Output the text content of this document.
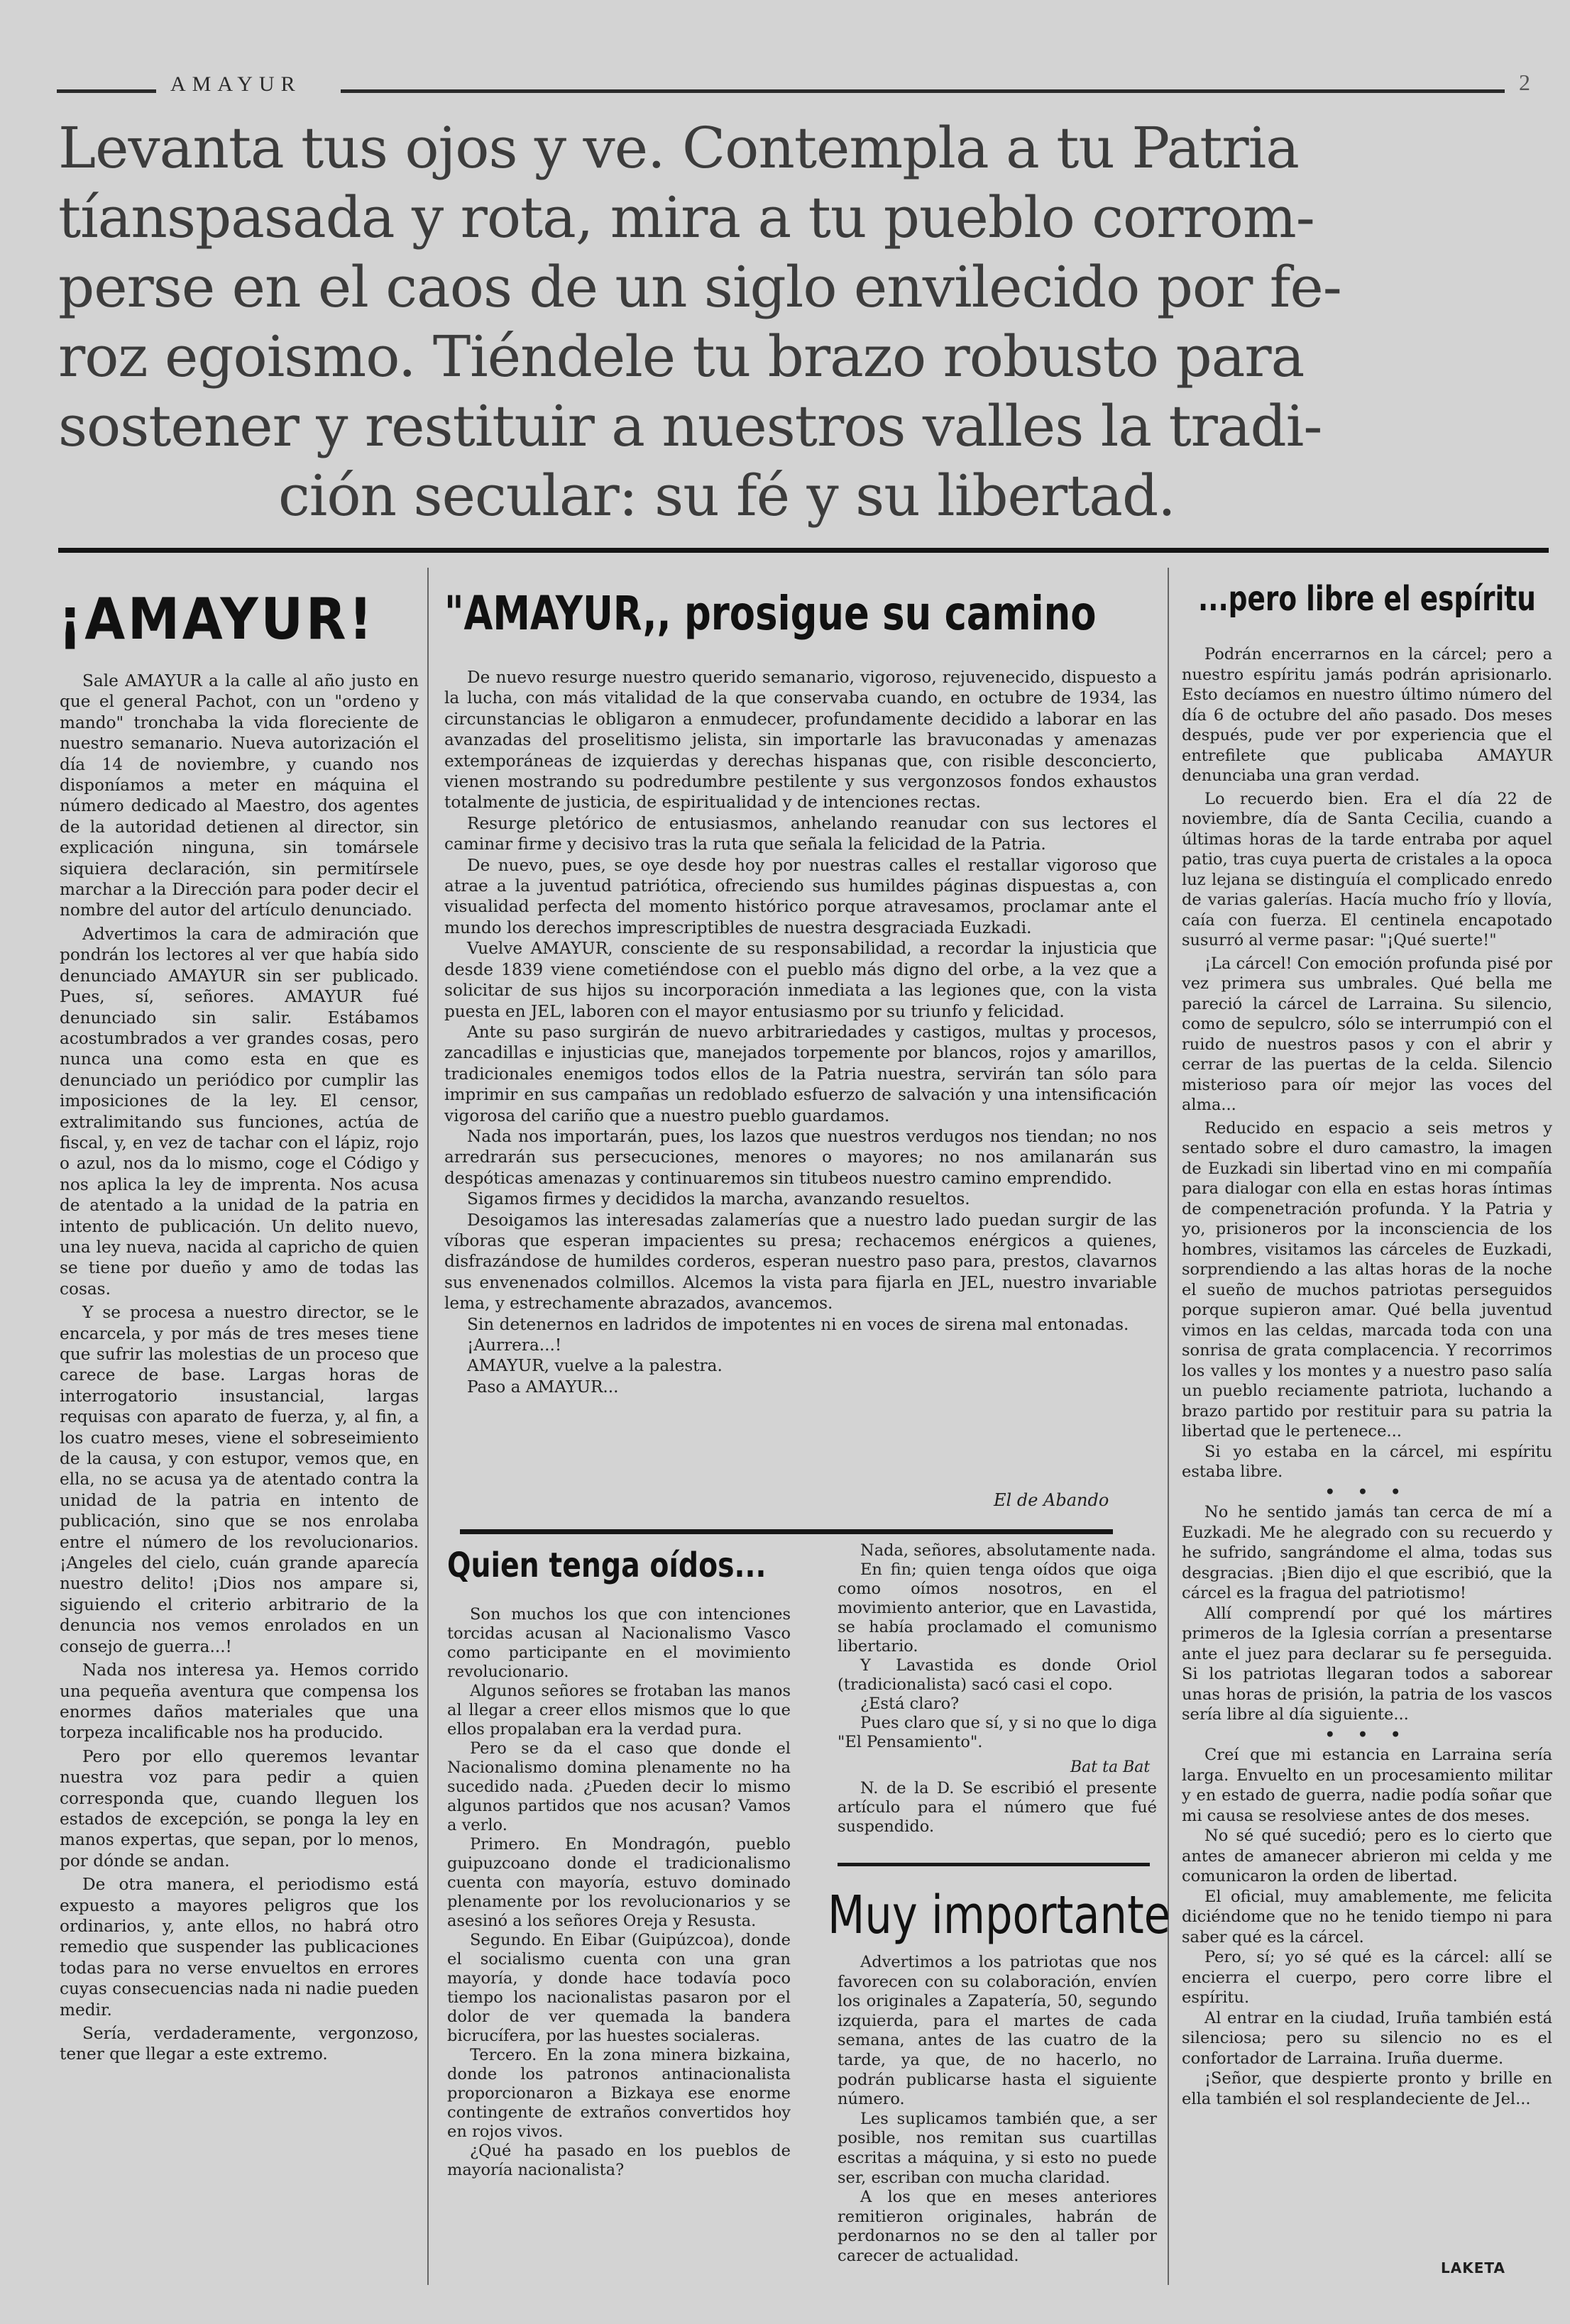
AMAYUR	2
Levanta tus ojos y ve. Contempla a tu Patria
tíanspasada y rota, mira a tu pueblo corrom-
perse en el caos de un siglo envilecido por fe-
roz egoismo. Tiéndele tu brazo robusto para
sostener y restituir a nuestros valles la tradi-
ción secular: su fé y su libertad.
¡AMAYUR!

Sale AMAYUR a la calle al año justo en que el general Pachot, con un "ordeno y mando" tronchaba la vida floreciente de nuestro semanario. Nueva autorización el día 14 de noviembre, y cuando nos disponíamos a meter en máquina el número dedicado al Maestro, dos agentes de la autoridad detienen al director, sin explicación ninguna, sin tomársele siquiera declaración, sin permitírsele marchar a la Dirección para poder decir el nombre del autor del artículo denunciado.

Advertimos la cara de admiración que pondrán los lectores al ver que había sido denunciado AMAYUR sin ser publicado. Pues, sí, señores. AMAYUR fué denunciado sin salir. Estábamos acostumbrados a ver grandes cosas, pero nunca una como esta en que es denunciado un periódico por cumplir las imposiciones de la ley. El censor, extralimitando sus funciones, actúa de fiscal, y, en vez de tachar con el lápiz, rojo o azul, nos da lo mismo, coge el Código y nos aplica la ley de imprenta. Nos acusa de atentado a la unidad de la patria en intento de publicación. Un delito nuevo, una ley nueva, nacida al capricho de quien se tiene por dueño y amo de todas las cosas.

Y se procesa a nuestro director, se le encarcela, y por más de tres meses tiene que sufrir las molestias de un proceso que carece de base. Largas horas de interrogatorio insustancial, largas requisas con aparato de fuerza, y, al fin, a los cuatro meses, viene el sobreseimiento de la causa, y con estupor, vemos que, en ella, no se acusa ya de atentado contra la unidad de la patria en intento de publicación, sino que se nos enrolaba entre el número de los revolucionarios. ¡Angeles del cielo, cuán grande aparecía nuestro delito! ¡Dios nos ampare si, siguiendo el criterio arbitrario de la denuncia nos vemos enrolados en un consejo de guerra...!

Nada nos interesa ya. Hemos corrido una pequeña aventura que compensa los enormes daños materiales que una torpeza incalificable nos ha producido.

Pero por ello queremos levantar nuestra voz para pedir a quien corresponda que, cuando lleguen los estados de excepción, se ponga la ley en manos expertas, que sepan, por lo menos, por dónde se andan.

De otra manera, el periodismo está expuesto a mayores peligros que los ordinarios, y, ante ellos, no habrá otro remedio que suspender las publicaciones todas para no verse envueltos en errores cuyas consecuencias nada ni nadie pueden medir.

Sería, verdaderamente, vergonzoso, tener que llegar a este extremo.

"AMAYUR,, prosigue su camino

De nuevo resurge nuestro querido semanario, vigoroso, rejuvenecido, dispuesto a la lucha, con más vitalidad de la que conservaba cuando, en octubre de 1934, las circunstancias le obligaron a enmudecer, profundamente decidido a laborar en las avanzadas del proselitismo jelista, sin importarle las bravuconadas y amenazas extemporáneas de izquierdas y derechas hispanas que, con risible desconcierto, vienen mostrando su podredumbre pestilente y sus vergonzosos fondos exhaustos totalmente de justicia, de espiritualidad y de intenciones rectas.

Resurge pletórico de entusiasmos, anhelando reanudar con sus lectores el caminar firme y decisivo tras la ruta que señala la felicidad de la Patria.

De nuevo, pues, se oye desde hoy por nuestras calles el restallar vigoroso que atrae a la juventud patriótica, ofreciendo sus humildes páginas dispuestas a, con visualidad perfecta del momento histórico porque atravesamos, proclamar ante el mundo los derechos imprescriptibles de nuestra desgraciada Euzkadi.

Vuelve AMAYUR, consciente de su responsabilidad, a recordar la injusticia que desde 1839 viene cometiéndose con el pueblo más digno del orbe, a la vez que a solicitar de sus hijos su incorporación inmediata a las legiones que, con la vista puesta en JEL, laboren con el mayor entusiasmo por su triunfo y felicidad.

Ante su paso surgirán de nuevo arbitrariedades y castigos, multas y procesos, zancadillas e injusticias que, manejados torpemente por blancos, rojos y amarillos, tradicionales enemigos todos ellos de la Patria nuestra, servirán tan sólo para imprimir en sus campañas un redoblado esfuerzo de salvación y una intensificación vigorosa del cariño que a nuestro pueblo guardamos.

Nada nos importarán, pues, los lazos que nuestros verdugos nos tiendan; no nos arredrarán sus persecuciones, menores o mayores; no nos amilanarán sus despóticas amenazas y continuaremos sin titubeos nuestro camino emprendido.

Sigamos firmes y decididos la marcha, avanzando resueltos.

Desoigamos las interesadas zalamerías que a nuestro lado puedan surgir de las víboras que esperan impacientes su presa; rechacemos enérgicos a quienes, disfrazándose de humildes corderos, esperan nuestro paso para, prestos, clavarnos sus envenenados colmillos. Alcemos la vista para fijarla en JEL, nuestro invariable lema, y estrechamente abrazados, avancemos.

Sin detenernos en ladridos de impotentes ni en voces de sirena mal entonadas.

¡Aurrera...!

AMAYUR, vuelve a la palestra.

Paso a AMAYUR...

El de Abando
Quien tenga oídos...

Son muchos los que con intenciones torcidas acusan al Nacionalismo Vasco como participante en el movimiento revolucionario.

Algunos señores se frotaban las manos al llegar a creer ellos mismos que lo que ellos propalaban era la verdad pura.

Pero se da el caso que donde el Nacionalismo domina plenamente no ha sucedido nada. ¿Pueden decir lo mismo algunos partidos que nos acusan? Vamos a verlo.

Primero. En Mondragón, pueblo guipuzcoano donde el tradicionalismo cuenta con mayoría, estuvo dominado plenamente por los revolucionarios y se asesinó a los señores Oreja y Resusta.

Segundo. En Eibar (Guipúzcoa), donde el socialismo cuenta con una gran mayoría, y donde hace todavía poco tiempo los nacionalistas pasaron por el dolor de ver quemada la bandera bicrucífera, por las huestes socialeras.

Tercero. En la zona minera bizkaina, donde los patronos antinacionalista proporcionaron a Bizkaya ese enorme contingente de extraños convertidos hoy en rojos vivos.

¿Qué ha pasado en los pueblos de mayoría nacionalista?

Nada, señores, absolutamente nada.

En fin; quien tenga oídos que oiga como oímos nosotros, en el movimiento anterior, que en Lavastida, se había proclamado el comunismo libertario.

Y Lavastida es donde Oriol (tradicionalista) sacó casi el copo.

¿Está claro?

Pues claro que sí, y si no que lo diga "El Pensamiento".

N. de la D. Se escribió el presente artículo para el número que fué suspendido.

Bat ta Bat
Muy importante

Advertimos a los patriotas que nos favorecen con su colaboración, envíen los originales a Zapatería, 50, segundo izquierda, para el martes de cada semana, antes de las cuatro de la tarde, ya que, de no hacerlo, no podrán publicarse hasta el siguiente número.

Les suplicamos también que, a ser posible, nos remitan sus cuartillas escritas a máquina, y si esto no puede ser, escriban con mucha claridad.

A los que en meses anteriores remitieron originales, habrán de perdonarnos no se den al taller por carecer de actualidad.

...pero libre el espíritu

Podrán encerrarnos en la cárcel; pero a nuestro espíritu jamás podrán aprisionarlo. Esto decíamos en nuestro último número del día 6 de octubre del año pasado. Dos meses después, pude ver por experiencia que el entrefilete que publicaba AMAYUR denunciaba una gran verdad.

Lo recuerdo bien. Era el día 22 de noviembre, día de Santa Cecilia, cuando a últimas horas de la tarde entraba por aquel patio, tras cuya puerta de cristales a la opoca luz lejana se distinguía el complicado enredo de varias galerías. Hacía mucho frío y llovía, caía con fuerza. El centinela encapotado susurró al verme pasar: "¡Qué suerte!"

¡La cárcel! Con emoción profunda pisé por vez primera sus umbrales. Qué bella me pareció la cárcel de Larraina. Su silencio, como de sepulcro, sólo se interrumpió con el ruido de nuestros pasos y con el abrir y cerrar de las puertas de la celda. Silencio misterioso para oír mejor las voces del alma...

Reducido en espacio a seis metros y sentado sobre el duro camastro, la imagen de Euzkadi sin libertad vino en mi compañía para dialogar con ella en estas horas íntimas de compenetración profunda. Y la Patria y yo, prisioneros por la inconsciencia de los hombres, visitamos las cárceles de Euzkadi, sorprendiendo a las altas horas de la noche el sueño de muchos patriotas perseguidos porque supieron amar. Qué bella juventud vimos en las celdas, marcada toda con una sonrisa de grata complacencia. Y recorrimos los valles y los montes y a nuestro paso salía un pueblo reciamente patriota, luchando a brazo partido por restituir para su patria la libertad que le pertenece...

Si yo estaba en la cárcel, mi espíritu estaba libre.

• • •

No he sentido jamás tan cerca de mí a Euzkadi. Me he alegrado con su recuerdo y he sufrido, sangrándome el alma, todas sus desgracias. ¡Bien dijo el que escribió, que la cárcel es la fragua del patriotismo!

Allí comprendí por qué los mártires primeros de la Iglesia corrían a presentarse ante el juez para declarar su fe perseguida. Si los patriotas llegaran todos a saborear unas horas de prisión, la patria de los vascos sería libre al día siguiente...

• • •

Creí que mi estancia en Larraina sería larga. Envuelto en un procesamiento militar y en estado de guerra, nadie podía soñar que mi causa se resolviese antes de dos meses.

No sé qué sucedió; pero es lo cierto que antes de amanecer abrieron mi celda y me comunicaron la orden de libertad.

El oficial, muy amablemente, me felicita diciéndome que no he tenido tiempo ni para saber qué es la cárcel.

Pero, sí; yo sé qué es la cárcel: allí se encierra el cuerpo, pero corre libre el espíritu.

Al entrar en la ciudad, Iruña también está silenciosa; pero su silencio no es el confortador de Larraina. Iruña duerme.

¡Señor, que despierte pronto y brille en ella también el sol resplandeciente de Jel...

LAKETA
